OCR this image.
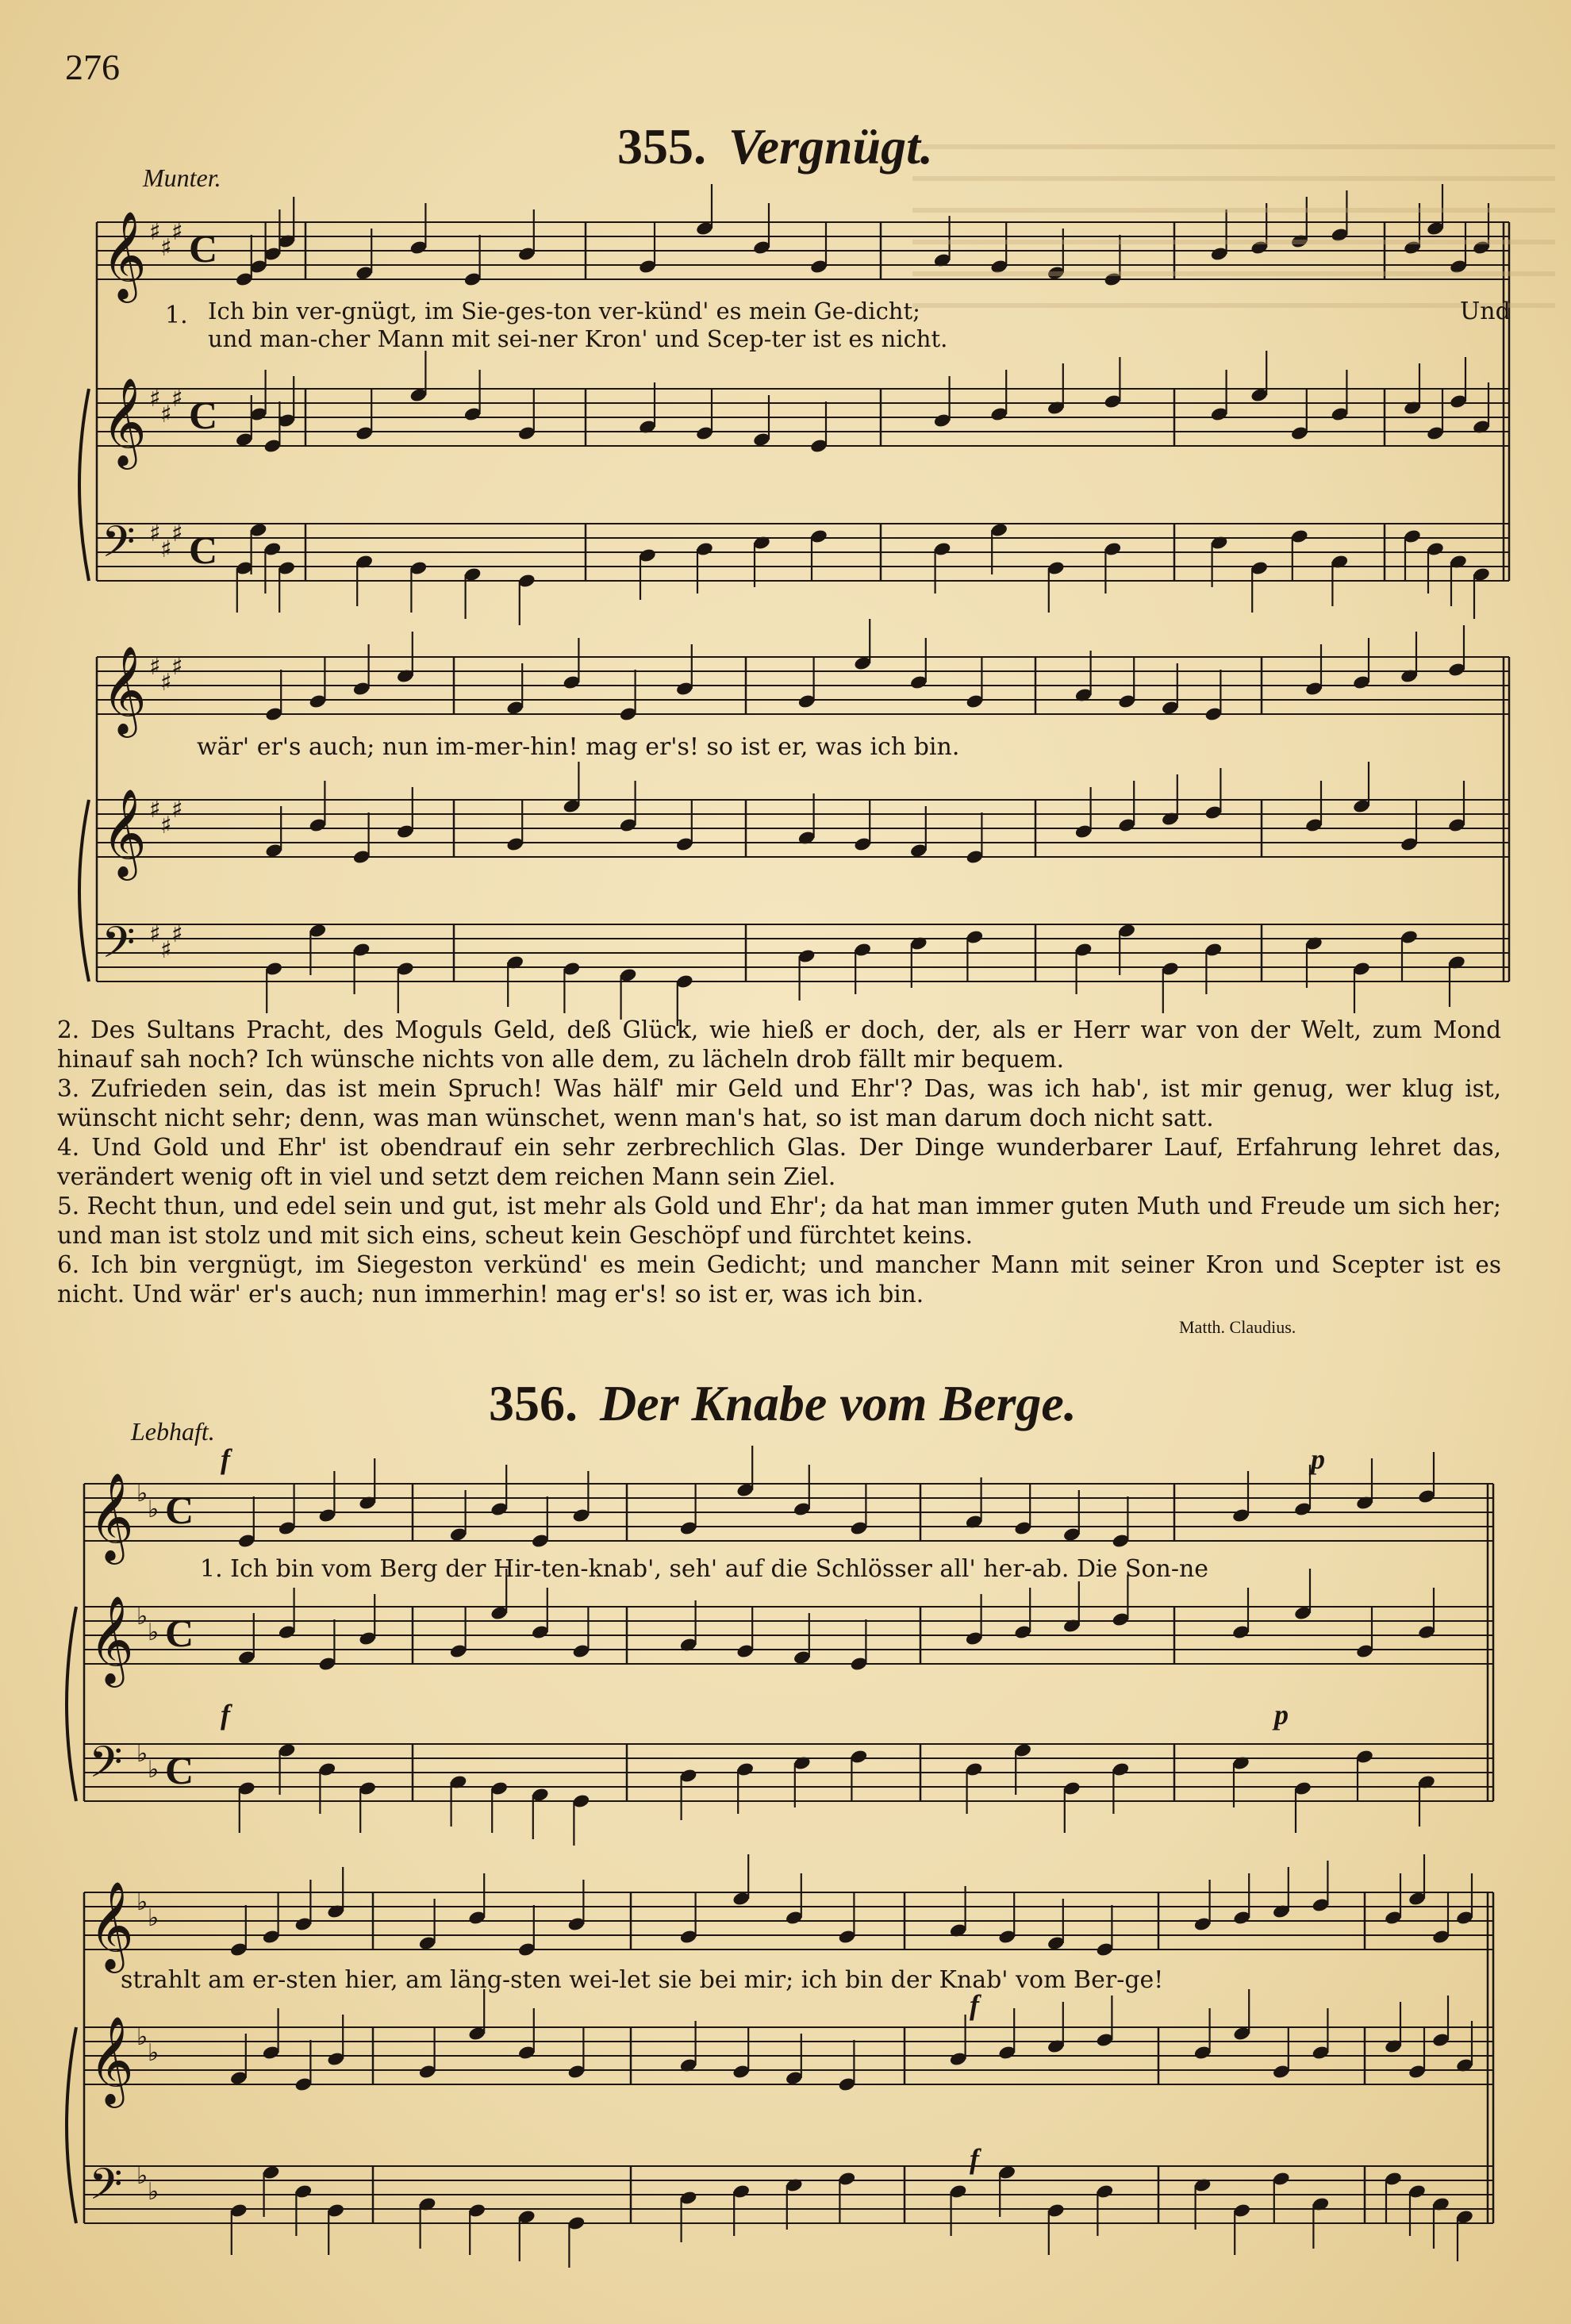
𝄞 ♯
♯
♯ C
𝄞 ♯
♯
♯ C
𝄢 ♯
♯
♯ C
𝄞 ♯
♯
♯
𝄞 ♯
♯
♯
𝄢 ♯
♯
♯
𝄞 ♭
♭ C
𝄞 ♭
♭ C
𝄢 ♭
♭ C
𝄞 ♭
♭
𝄞 ♭
♭
𝄢 ♭
♭
276
355. Vergnügt.
Munter.
1. Ich bin ver-gnügt, im Sie-ges-ton ver-künd' es mein Ge-dicht;
und man-cher Mann mit sei-ner Kron' und Scep-ter ist es nicht.
Und
wär' er's auch; nun im-mer-hin! mag er's! so ist er, was ich bin.

2. Des Sultans Pracht, des Moguls Geld, deß Glück, wie hieß er doch, der, als er Herr war von der Welt, zum Mond hinauf sah noch? Ich wünsche nichts von alle dem, zu lächeln drob fällt mir bequem.

3. Zufrieden sein, das ist mein Spruch! Was hälf' mir Geld und Ehr'? Das, was ich hab', ist mir genug, wer klug ist, wünscht nicht sehr; denn, was man wünschet, wenn man's hat, so ist man darum doch nicht satt.

4. Und Gold und Ehr' ist obendrauf ein sehr zerbrechlich Glas. Der Dinge wunderbarer Lauf, Erfahrung lehret das, verändert wenig oft in viel und setzt dem reichen Mann sein Ziel.

5. Recht thun, und edel sein und gut, ist mehr als Gold und Ehr'; da hat man immer guten Muth und Freude um sich her; und man ist stolz und mit sich eins, scheut kein Geschöpf und fürchtet keins.

6. Ich bin vergnügt, im Siegeston verkünd' es mein Gedicht; und mancher Mann mit seiner Kron und Scepter ist es nicht. Und wär' er's auch; nun immerhin! mag er's! so ist er, was ich bin.

Matth. Claudius.
356. Der Knabe vom Berge.
Lebhaft.
f	p
f	p
f
f
1. Ich bin vom Berg der Hir-ten-knab', seh' auf die Schlösser all' her-ab. Die Son-ne
strahlt am er-sten hier, am läng-sten wei-let sie bei mir; ich bin der Knab' vom Ber-ge!
